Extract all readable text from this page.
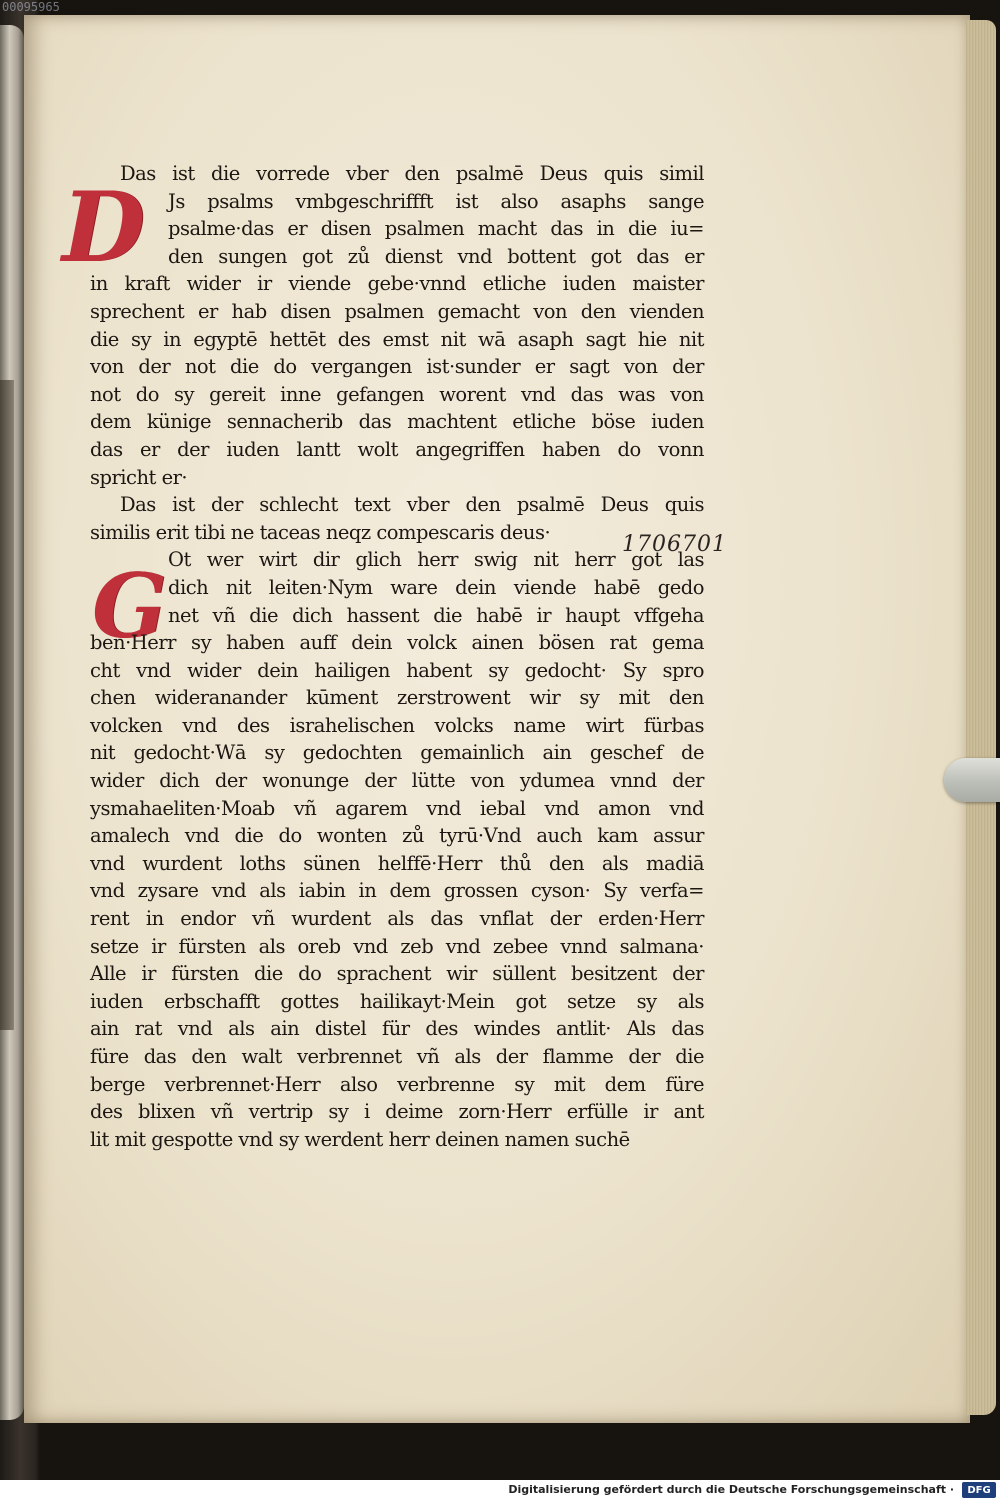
00095965
D
G
Das ist die vorrede vber den psalmē Deus quis simil
Js psalms vmbgeschriffft ist also asaphs sange
psalme·das er disen psalmen macht das in die iu=
den sungen got zů dienst vnd bottent got das er
in kraft wider ir viende gebe·vnnd etliche iuden maister
sprechent er hab disen psalmen gemacht von den vienden
die sy in egyptē hettēt des emst nit wā asaph sagt hie nit
von der not die do vergangen ist·sunder er sagt von der
not do sy gereit inne gefangen worent vnd das was von
dem künige sennacherib das machtent etliche böse iuden
das er der iuden lantt wolt angegriffen haben do vonn
spricht er·
Das ist der schlecht text vber den psalmē Deus quis
similis erit tibi ne taceas neqz compescaris deus·
Ot wer wirt dir glich herr swig nit herr got las
dich nit leiten·Nym ware dein viende habē gedo
net vñ die dich hassent die habē ir haupt vffgeha
ben·Herr sy haben auff dein volck ainen bösen rat gema
cht vnd wider dein hailigen habent sy gedocht· Sy spro
chen wideranander kūment zerstrowent wir sy mit den
volcken vnd des israhelischen volcks name wirt fürbas
nit gedocht·Wā sy gedochten gemainlich ain geschef de
wider dich der wonunge der lütte von ydumea vnnd der
ysmahaeliten·Moab vñ agarem vnd iebal vnd amon vnd
amalech vnd die do wonten zů tyrū·Vnd auch kam assur
vnd wurdent loths sünen helffē·Herr thů den als madiā
vnd zysare vnd als iabin in dem grossen cyson· Sy verfa=
rent in endor vñ wurdent als das vnflat der erden·Herr
setze ir fürsten als oreb vnd zeb vnd zebee vnnd salmana·
Alle ir fürsten die do sprachent wir süllent besitzent der
iuden erbschafft gottes hailikayt·Mein got setze sy als
ain rat vnd als ain distel für des windes antlit· Als das
füre das den walt verbrennet vñ als der flamme der die
berge verbrennet·Herr also verbrenne sy mit dem füre
des blixen vñ vertrip sy i deime zorn·Herr erfülle ir ant
lit mit gespotte vnd sy werdent herr deinen namen suchē
1706701
Digitalisierung gefördert durch die Deutsche Forschungsgemeinschaft ·	DFG
